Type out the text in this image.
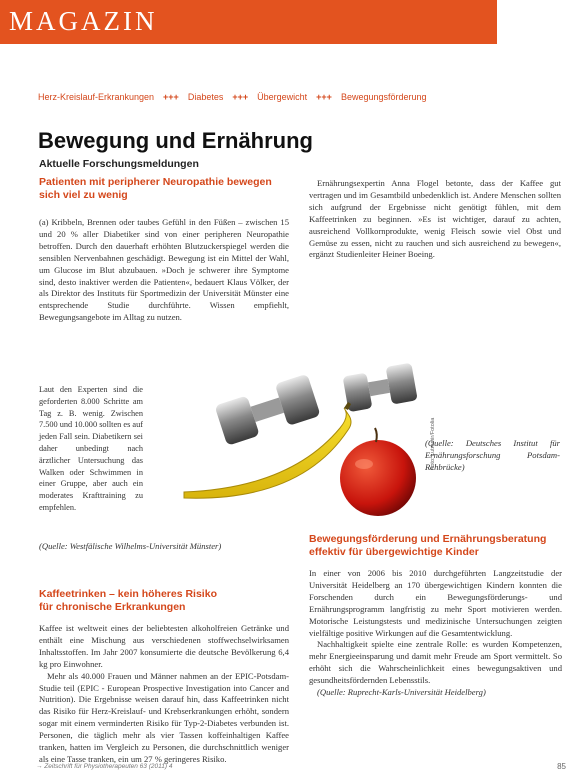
MAGAZIN
Herz-Kreislauf-Erkrankungen +++ Diabetes +++ Übergewicht +++ Bewegungsförderung
Bewegung und Ernährung
Aktuelle Forschungsmeldungen
Patienten mit peripherer Neuropathie bewegen
sich viel zu wenig

(a) Kribbeln, Brennen oder taubes Gefühl in den Füßen – zwischen 15 und 20 % aller Diabetiker sind von einer peripheren Neuropathie betroffen. Durch den dauerhaft erhöhten Blutzuckerspiegel werden die sensiblen Nervenbahnen geschädigt. Bewegung ist ein Mittel der Wahl, um Glucose im Blut abzubauen. »Doch je schwerer ihre Symptome sind, desto inaktiver werden die Patienten«, bedauert Klaus Völker, der als Direktor des Instituts für Sportmedizin der Universität Münster eine entsprechende Studie durchführte. Wissen empfiehlt, Bewegungsangebote im Alltag zu nutzen.

Laut den Experten sind die geforderten 8.000 Schritte am Tag z. B. wenig. Zwischen 7.500 und 10.000 sollten es auf jeden Fall sein. Diabetikern sei daher unbedingt nach ärztlicher Untersuchung das Walken oder Schwimmen in einer Gruppe, aber auch ein moderates Krafttraining zu empfehlen.

(Quelle: Westfälische Wilhelms-Universität Münster)
Kaffeetrinken – kein höheres Risiko
für chronische Erkrankungen

Kaffee ist weltweit eines der beliebtesten alkoholfreien Getränke und enthält eine Mischung aus verschiedenen stoffwechselwirksamen Inhaltsstoffen. Im Jahr 2007 konsumierte die deutsche Bevölkerung 6,4 kg pro Einwohner.

Mehr als 40.000 Frauen und Männer nahmen an der EPIC-Potsdam-Studie teil (EPIC - European Prospective Investigation into Cancer and Nutrition). Die Ergebnisse weisen darauf hin, dass Kaffeetrinken nicht das Risiko für Herz-Kreislauf- und Krebserkrankungen erhöht, sondern sogar mit einem verminderten Risiko für Typ-2-Diabetes verbunden ist. Personen, die täglich mehr als vier Tassen koffeinhaltigen Kaffee tranken, hatten im Vergleich zu Personen, die durchschnittlich weniger als eine Tasse tranken, ein um 27 % geringeres Risiko.

Ernährungsexpertin Anna Flogel betonte, dass der Kaffee gut vertragen und im Gesamtbild unbedenklich ist. Andere Menschen sollten sich aufgrund der Ergebnisse nicht genötigt fühlen, mit dem Kaffeetrinken zu beginnen. »Es ist wichtiger, darauf zu achten, ausreichend Vollkornprodukte, wenig Fleisch sowie viel Obst und Gemüse zu essen, nicht zu rauchen und sich ausreichend zu bewegen«, ergänzt Studienleiter Heiner Boeing.

(Quelle: Deutsches Institut für Ernährungsforschung Potsdam-Rehbrücke)
Foto: Lutromir/Fotolia
Bewegungsförderung und Ernährungsberatung
effektiv für übergewichtige Kinder

In einer von 2006 bis 2010 durchgeführten Langzeitstudie der Universität Heidelberg an 170 übergewichtigen Kindern konnten die Forschenden durch ein Bewegungsförderungs- und Ernährungsprogramm langfristig zu mehr Sport motivieren werden. Motorische Leistungstests und medizinische Untersuchungen zeigten vielfältige positive Wirkungen auf die Gesamtentwicklung.

Nachhaltigkeit spielte eine zentrale Rolle: es wurden Kompetenzen, mehr Energieeinsparung und damit mehr Freude am Sport vermittelt. So erhöht sich die Wahrscheinlichkeit eines bewegungsaktiven und gesundheitsfördernden Lebensstils.

(Quelle: Ruprecht-Karls-Universität Heidelberg)

→ Zeitschrift für Physiotherapeuten 63 (2011) 4	85
